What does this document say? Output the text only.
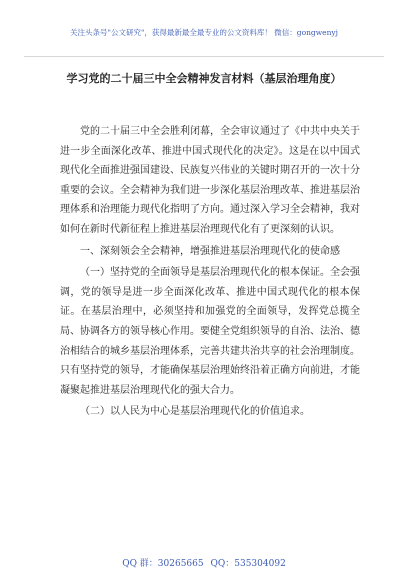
关注头条号"公文研究"，获得最新最全最专业的公文资料库！ 微信：gongwenyj
学习党的二十届三中全会精神发言材料（基层治理角度）

党的二十届三中全会胜利闭幕，全会审议通过了《中共中央关于进一步全面深化改革、推进中国式现代化的决定》。这是在以中国式现代化全面推进强国建设、民族复兴伟业的关键时期召开的一次十分重要的会议。全会精神为我们进一步深化基层治理改革、推进基层治理体系和治理能力现代化指明了方向。通过深入学习全会精神，我对如何在新时代新征程上推进基层治理现代化有了更深刻的认识。

一、深刻领会全会精神，增强推进基层治理现代化的使命感

（一）坚持党的全面领导是基层治理现代化的根本保证。全会强调，党的领导是进一步全面深化改革、推进中国式现代化的根本保证。在基层治理中，必须坚持和加强党的全面领导，发挥党总揽全局、协调各方的领导核心作用。要健全党组织领导的自治、法治、德治相结合的城乡基层治理体系，完善共建共治共享的社会治理制度。只有坚持党的领导，才能确保基层治理始终沿着正确方向前进，才能凝聚起推进基层治理现代化的强大合力。

（二）以人民为中心是基层治理现代化的价值追求。

QQ 群：30265665 QQ：535304092
